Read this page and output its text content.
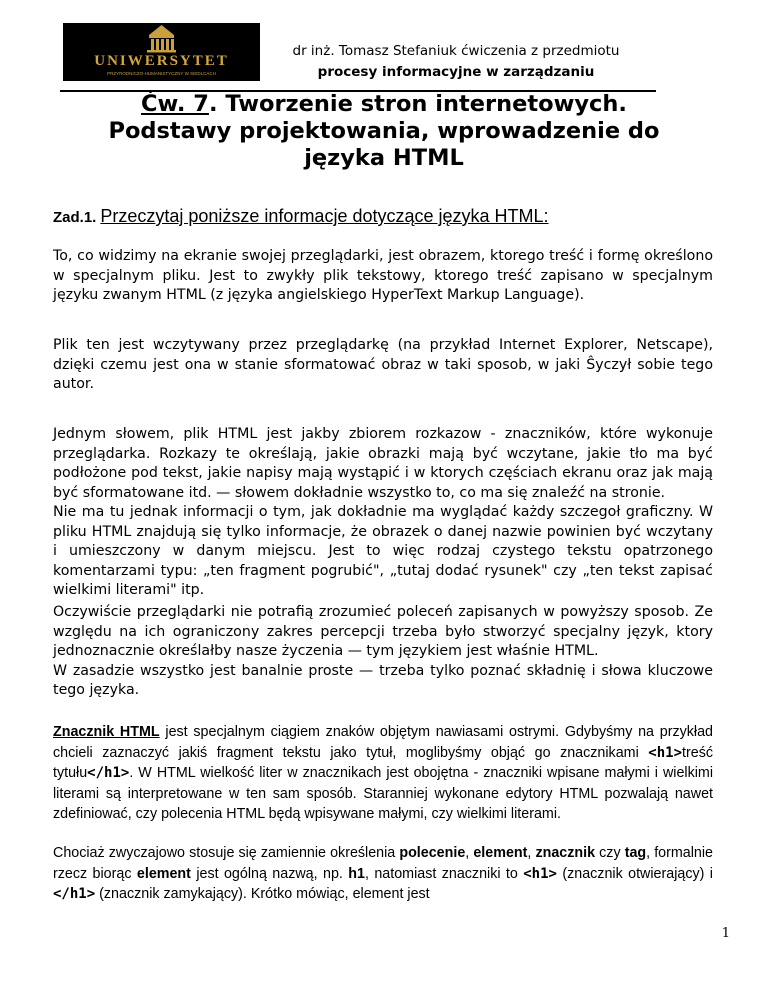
UNIWERSYTET
PRZYRODNICZO-HUMANISTYCZNY W SIEDLCACH
dr inż. Tomasz Stefaniuk ćwiczenia z przedmiotu
procesy informacyjne w zarządzaniu
Ćw. 7. Tworzenie stron internetowych.
Podstawy projektowania, wprowadzenie do
języka HTML
Zad.1. Przeczytaj poniższe informacje dotyczące języka HTML:
To, co widzimy na ekranie swojej przeglądarki, jest obrazem, ktorego treść i formę określono w specjalnym pliku. Jest to zwykły plik tekstowy, ktorego treść zapisano w specjalnym języku zwanym HTML (z języka angielskiego HyperText Markup Language).
Plik ten jest wczytywany przez przeglądarkę (na przykład Internet Explorer, Netscape), dzięki czemu jest ona w stanie sformatować obraz w taki sposob, w jaki Ŝyczył sobie tego autor.
Jednym słowem, plik HTML jest jakby zbiorem rozkazow - znaczników, które wykonuje przeglądarka. Rozkazy te określają, jakie obrazki mają być wczytane, jakie tło ma być podłożone pod tekst, jakie napisy mają wystąpić i w ktorych częściach ekranu oraz jak mają być sformatowane itd. — słowem dokładnie wszystko to, co ma się znaleźć na stronie.
Nie ma tu jednak informacji o tym, jak dokładnie ma wyglądać każdy szczegoł graficzny. W pliku HTML znajdują się tylko informacje, że obrazek o danej nazwie powinien być wczytany i umieszczony w danym miejscu. Jest to więc rodzaj czystego tekstu opatrzonego komentarzami typu: „ten fragment pogrubić", „tutaj dodać rysunek" czy „ten tekst zapisać wielkimi literami" itp.
Oczywiście przeglądarki nie potrafią zrozumieć poleceń zapisanych w powyższy sposob. Ze względu na ich ograniczony zakres percepcji trzeba było stworzyć specjalny język, ktory jednoznacznie określałby nasze życzenia — tym językiem jest właśnie HTML.
W zasadzie wszystko jest banalnie proste — trzeba tylko poznać składnię i słowa kluczowe tego języka.
Znacznik HTML jest specjalnym ciągiem znaków objętym nawiasami ostrymi. Gdybyśmy na przykład chcieli zaznaczyć jakiś fragment tekstu jako tytuł, moglibyśmy objąć go znacznikami <h1>treść tytułu</h1>. W HTML wielkość liter w znacznikach jest obojętna - znaczniki wpisane małymi i wielkimi literami są interpretowane w ten sam sposób. Staranniej wykonane edytory HTML pozwalają nawet zdefiniować, czy polecenia HTML będą wpisywane małymi, czy wielkimi literami.
Chociaż zwyczajowo stosuje się zamiennie określenia polecenie, element, znacznik czy tag, formalnie rzecz biorąc element jest ogólną nazwą, np. h1, natomiast znaczniki to <h1> (znacznik otwierający) i </h1> (znacznik zamykający). Krótko mówiąc, element jest
1
